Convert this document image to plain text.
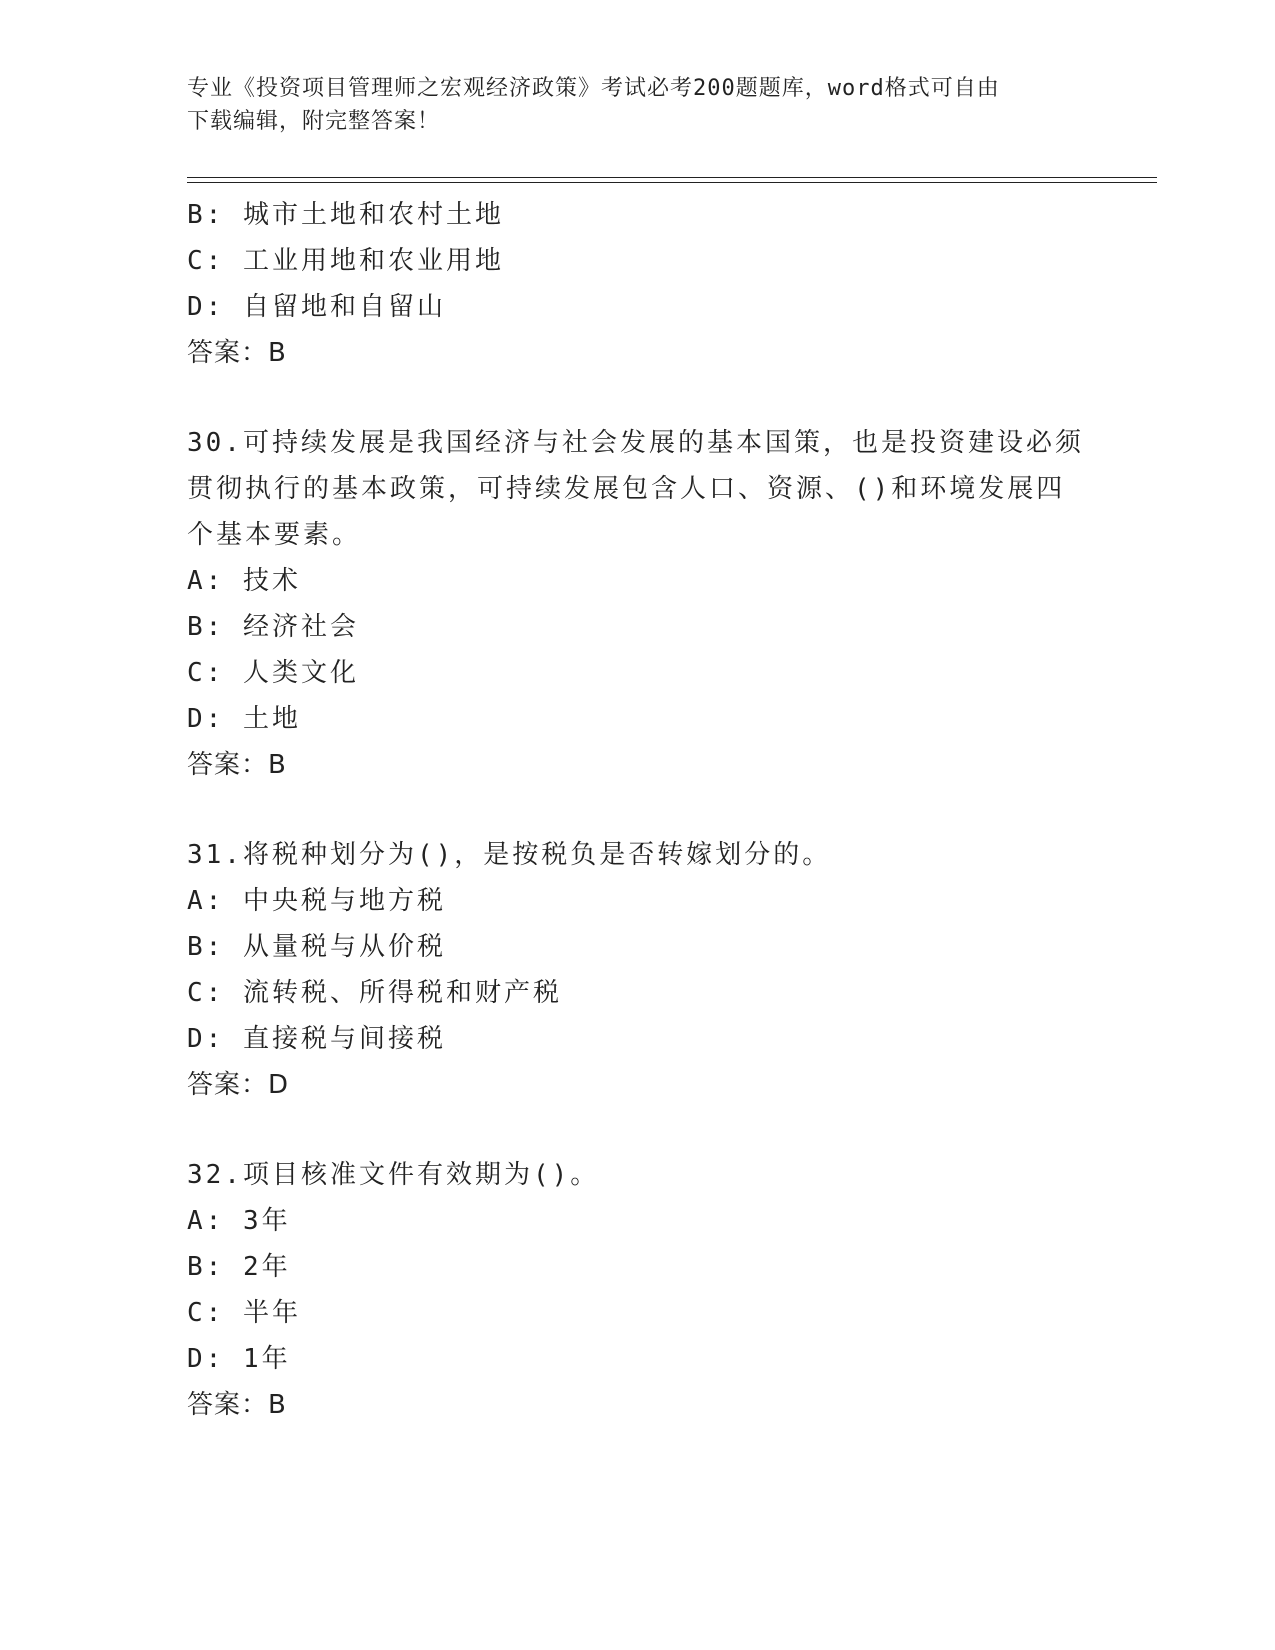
专业《投资项目管理师之宏观经济政策》考试必考200题题库，word格式可自由
下载编辑，附完整答案！
B: 城市土地和农村土地
C: 工业用地和农业用地
D: 自留地和自留山
答案：B
30.可持续发展是我国经济与社会发展的基本国策，也是投资建设必须
贯彻执行的基本政策，可持续发展包含人口、资源、()和环境发展四
个基本要素。
A: 技术
B: 经济社会
C: 人类文化
D: 土地
答案：B
31.将税种划分为()，是按税负是否转嫁划分的。
A: 中央税与地方税
B: 从量税与从价税
C: 流转税、所得税和财产税
D: 直接税与间接税
答案：D
32.项目核准文件有效期为()。
A: 3年
B: 2年
C: 半年
D: 1年
答案：B
